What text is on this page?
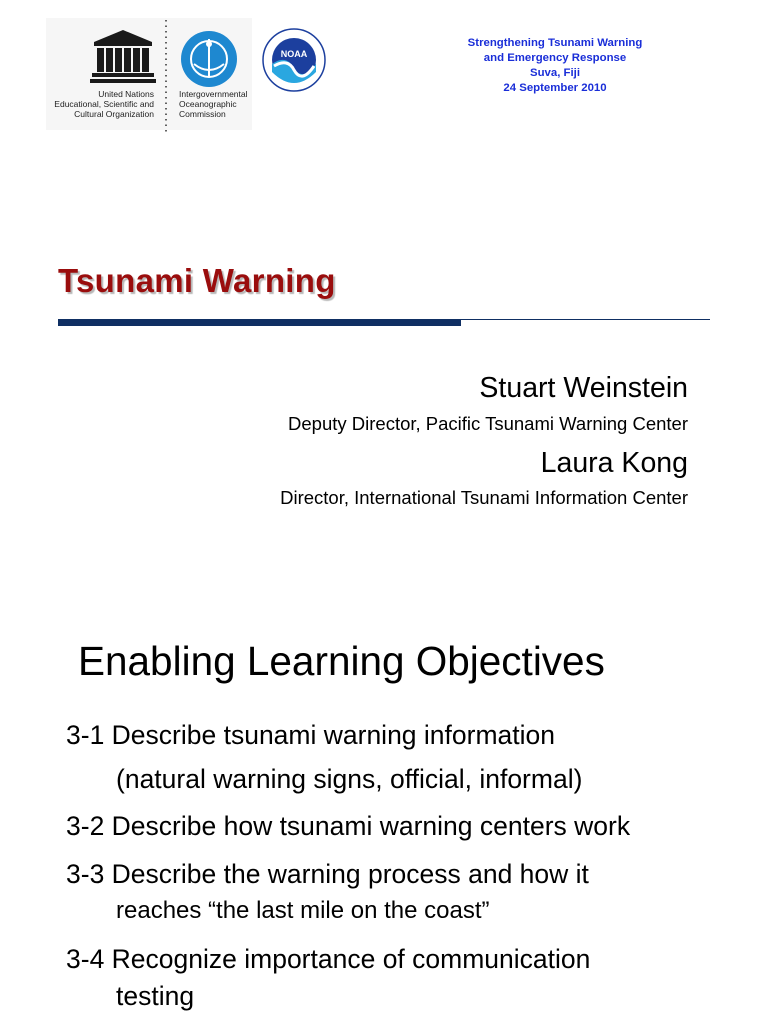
United Nations
Educational, Scientific and
Cultural Organization
Intergovernmental
Oceanographic
Commission
NOAA
Strengthening Tsunami Warning
and Emergency Response
Suva, Fiji
24 September 2010
Tsunami Warning
Stuart Weinstein
Deputy Director, Pacific Tsunami Warning Center
Laura Kong
Director, International Tsunami Information Center
Enabling Learning Objectives
3-1 Describe tsunami warning information
(natural warning signs, official, informal)
3-2 Describe how tsunami warning centers work
3-3 Describe the warning process and how it
reaches “the last mile on the coast”
3-4 Recognize importance of communication
testing
